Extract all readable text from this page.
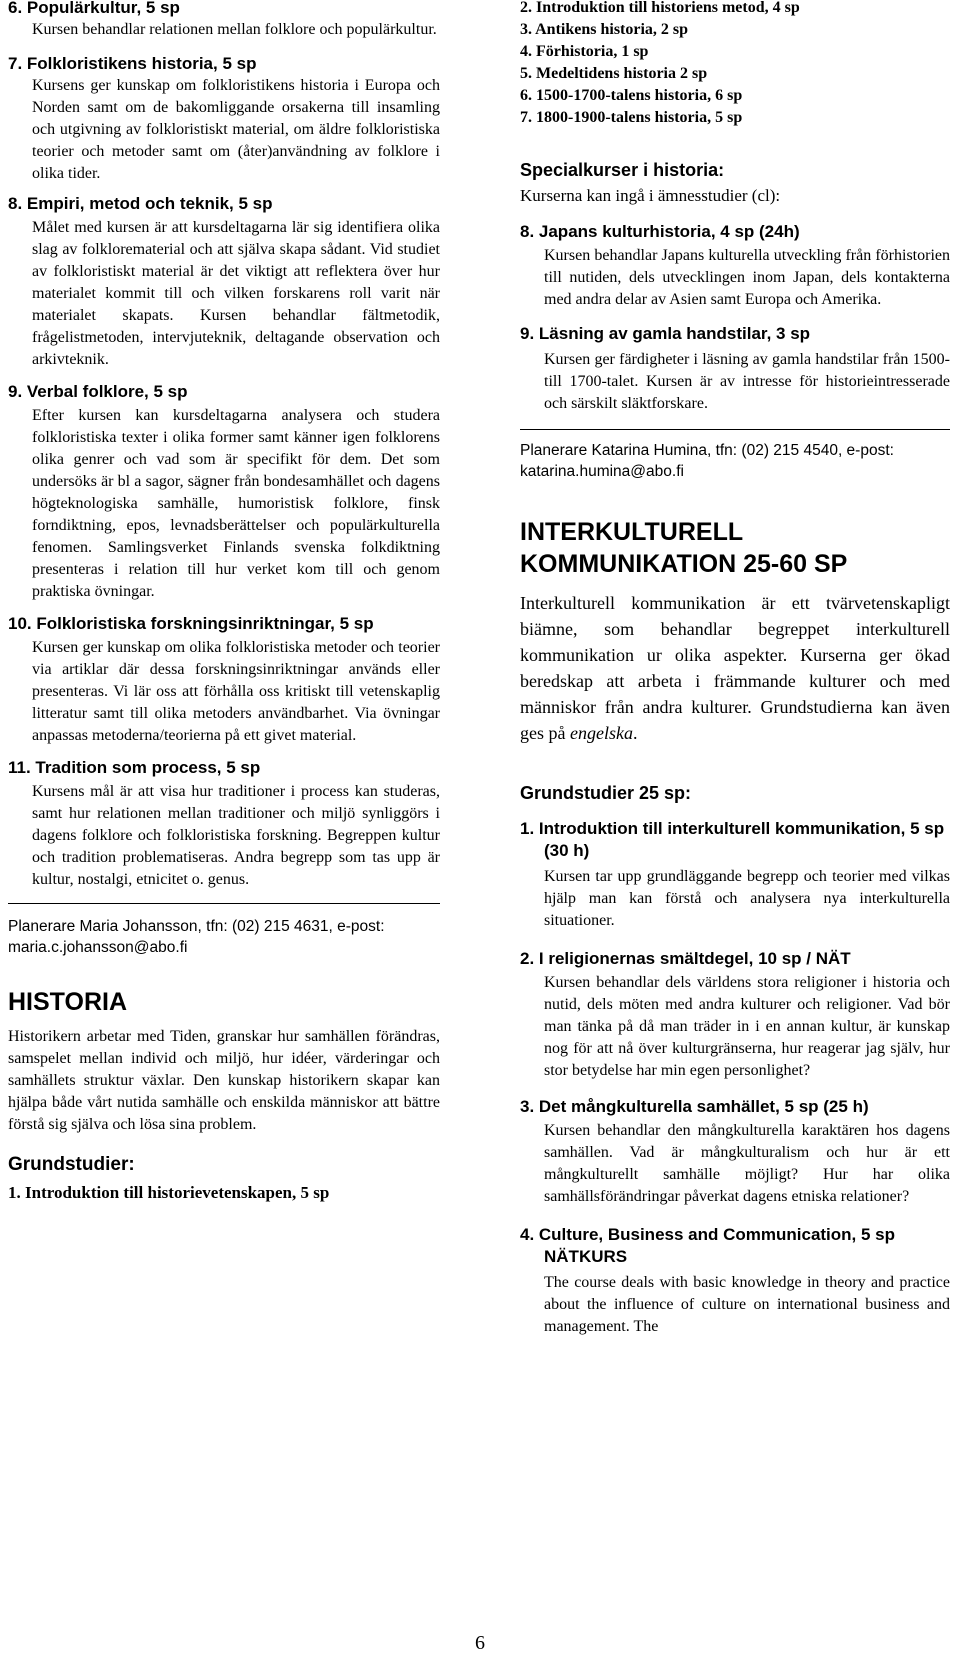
6. Populärkultur, 5 sp

Kursen behandlar relationen mellan folklore och populärkultur.

7. Folkloristikens historia, 5 sp

Kursens ger kunskap om folkloristikens historia i Europa och Norden samt om de bakomliggande orsakerna till insamling och utgivning av folkloristiskt material, om äldre folkloristiska teorier och metoder samt om (åter)användning av folklore i olika tider.

8. Empiri, metod och teknik, 5 sp

Målet med kursen är att kursdeltagarna lär sig identifiera olika slag av folklorematerial och att själva skapa sådant. Vid studiet av folkloristiskt material är det viktigt att reflektera över hur materialet kommit till och vilken forskarens roll varit när materialet skapats. Kursen behandlar fältmetodik, frågelistmetoden, intervjuteknik, deltagande observation och arkivteknik.

9. Verbal folklore, 5 sp

Efter kursen kan kursdeltagarna analysera och studera folkloristiska texter i olika former samt känner igen folklorens olika genrer och vad som är specifikt för dem. Det som undersöks är bl a sagor, sägner från bondesamhället och dagens högteknologiska samhälle, humoristisk folklore, finsk forndiktning, epos, levnadsberättelser och populärkulturella fenomen. Samlingsverket Finlands svenska folkdiktning presenteras i relation till hur verket kom till och genom praktiska övningar.

10. Folkloristiska forskningsinriktningar, 5 sp

Kursen ger kunskap om olika folkloristiska metoder och teorier via artiklar där dessa forskningsinriktningar används eller presenteras. Vi lär oss att förhålla oss kritiskt till vetenskaplig litteratur samt till olika metoders användbarhet. Via övningar anpassas metoderna/teorierna på ett givet material.

11. Tradition som process, 5 sp

Kursens mål är att visa hur traditioner i process kan studeras, samt hur relationen mellan traditioner och miljö synliggörs i dagens folklore och folkloristiska forskning. Begreppen kultur och tradition problematiseras. Andra begrepp som tas upp är kultur, nostalgi, etnicitet o. genus.

Planerare Maria Johansson, tfn: (02) 215 4631, e-post: maria.c.johansson@abo.fi

HISTORIA

Historikern arbetar med Tiden, granskar hur samhällen förändras, samspelet mellan individ och miljö, hur idéer, värderingar och samhällets struktur växlar. Den kunskap historikern skapar kan hjälpa både vårt nutida samhälle och enskilda människor att bättre förstå sig själva och lösa sina problem.

Grundstudier:

1. Introduktion till historievetenskapen, 5 sp

2. Introduktion till historiens metod, 4 sp

3. Antikens historia, 2 sp

4. Förhistoria, 1 sp

5. Medeltidens historia 2 sp

6. 1500-1700-talens historia, 6 sp

7. 1800-1900-talens historia, 5 sp

Specialkurser i historia:

Kurserna kan ingå i ämnesstudier (cl):

8. Japans kulturhistoria, 4 sp (24h)

Kursen behandlar Japans kulturella utveckling från förhistorien till nutiden, dels utvecklingen inom Japan, dels kontakterna med andra delar av Asien samt Europa och Amerika.

9. Läsning av gamla handstilar, 3 sp

Kursen ger färdigheter i läsning av gamla handstilar från 1500- till 1700-talet. Kursen är av intresse för historieintresserade och särskilt släktforskare.

Planerare Katarina Humina, tfn: (02) 215 4540, e-post: katarina.humina@abo.fi

INTERKULTURELL

KOMMUNIKATION 25-60 SP

Interkulturell kommunikation är ett tvärvetenskapligt biämne, som behandlar begreppet interkulturell kommunikation ur olika aspekter. Kurserna ger ökad beredskap att arbeta i främmande kulturer och med människor från andra kulturer. Grundstudierna kan även ges på engelska.

Grundstudier 25 sp:

1. Introduktion till interkulturell kommunikation, 5 sp (30 h)

Kursen tar upp grundläggande begrepp och teorier med vilkas hjälp man kan förstå och analysera nya interkulturella situationer.

2. I religionernas smältdegel, 10 sp / NÄT

Kursen behandlar dels världens stora religioner i historia och nutid, dels möten med andra kulturer och religioner. Vad bör man tänka på då man träder in i en annan kultur, är kunskap nog för att nå över kulturgränserna, hur reagerar jag själv, hur stor betydelse har min egen personlighet?

3. Det mångkulturella samhället, 5 sp (25 h)

Kursen behandlar den mångkulturella karaktären hos dagens samhällen. Vad är mångkulturalism och hur är ett mångkulturellt samhälle möjligt? Hur har olika samhällsförändringar påverkat dagens etniska relationer?

4. Culture, Business and Communication, 5 sp NÄTKURS

The course deals with basic knowledge in theory and practice about the influence of culture on international business and management. The

6
